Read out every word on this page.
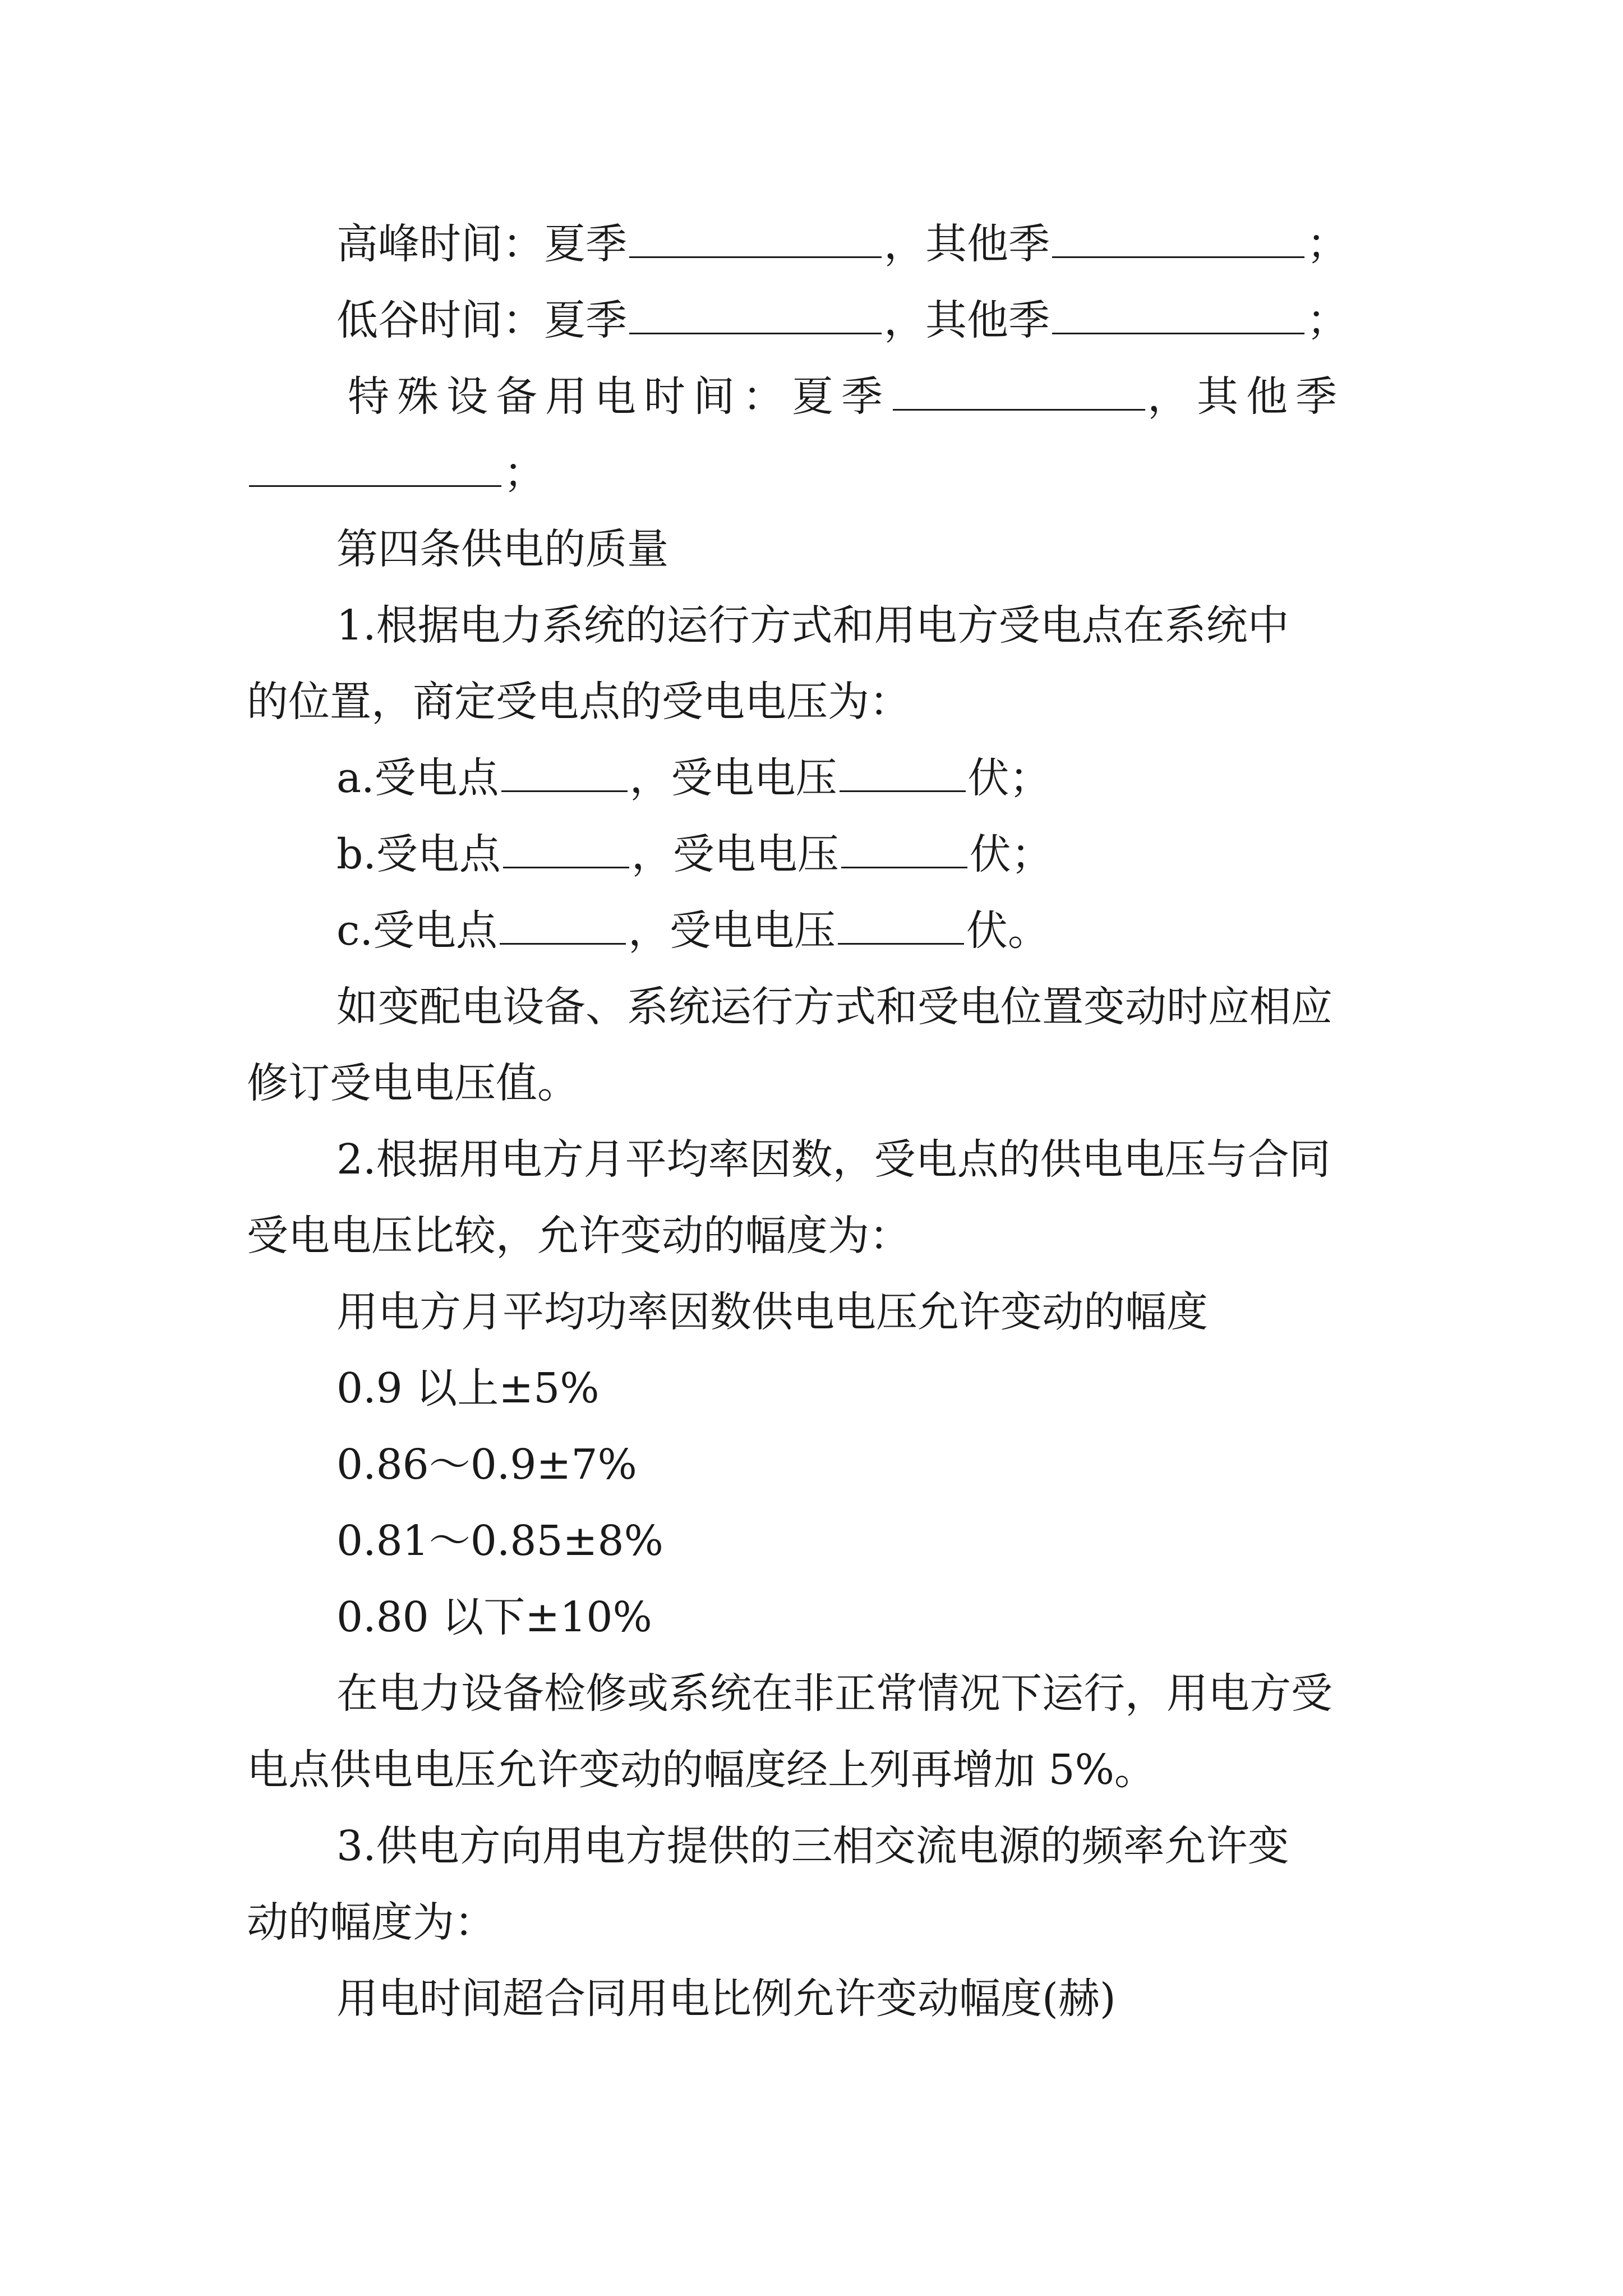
高峰时间：夏季	，其他季	；
低谷时间：夏季	，其他季	；
特殊设备用电时间：夏季	，其他季
；
第四条供电的质量
1.根据电力系统的运行方式和用电方受电点在系统中
的位置，商定受电点的受电电压为：
a.受电点	，受电电压	伏；
b.受电点	，受电电压	伏；
c.受电点	，受电电压	伏。
如变配电设备、系统运行方式和受电位置变动时应相应
修订受电电压值。
2.根据用电方月平均率因数，受电点的供电电压与合同
受电电压比较，允许变动的幅度为：
用电方月平均功率因数供电电压允许变动的幅度
0.9 以上±5%
0.86～0.9±7%
0.81～0.85±8%
0.80 以下±10%
在电力设备检修或系统在非正常情况下运行，用电方受
电点供电电压允许变动的幅度经上列再增加 5%。
3.供电方向用电方提供的三相交流电源的频率允许变
动的幅度为：
用电时间超合同用电比例允许变动幅度(赫)
